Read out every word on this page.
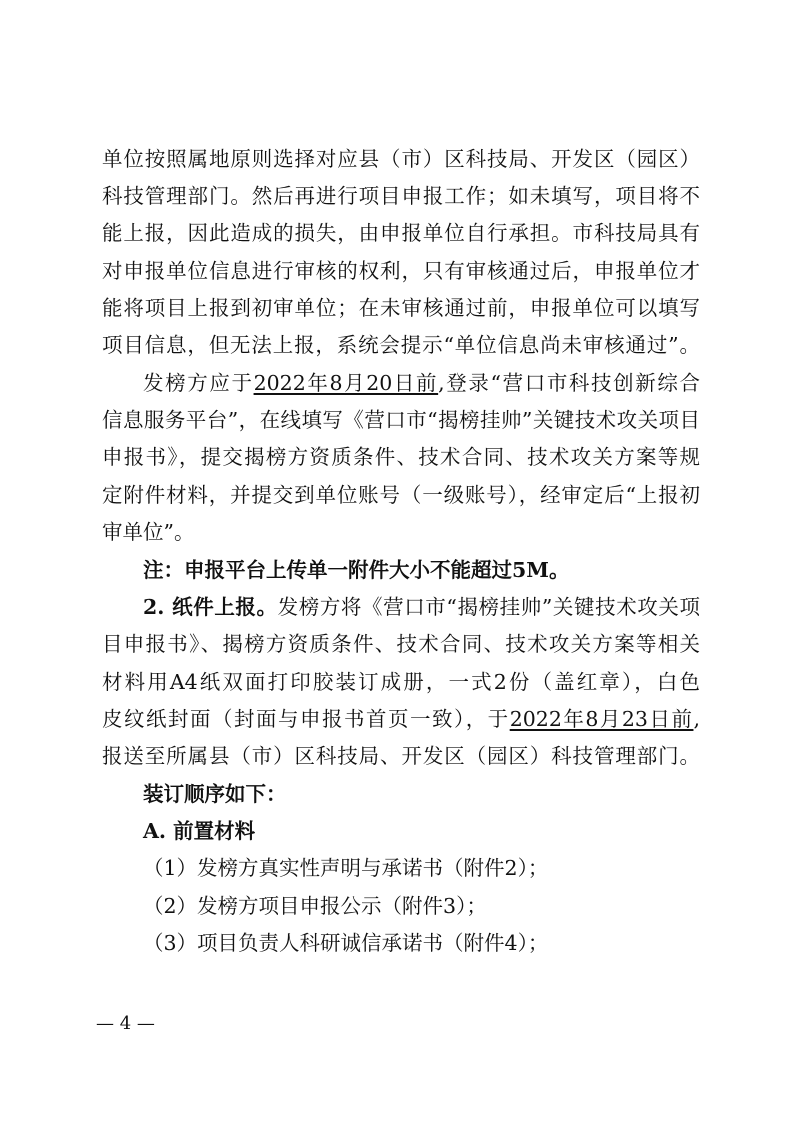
单位按照属地原则选择对应县（市）区科技局、开发区（园区）
科技管理部门。然后再进行项目申报工作；如未填写，项目将不
能上报，因此造成的损失，由申报单位自行承担。市科技局具有
对申报单位信息进行审核的权利，只有审核通过后，申报单位才
能将项目上报到初审单位；在未审核通过前，申报单位可以填写
项目信息，但无法上报，系统会提示“单位信息尚未审核通过”。
发榜方应于2022年8月20日前,登录“营口市科技创新综合
信息服务平台”，在线填写《营口市“揭榜挂帅”关键技术攻关项目
申报书》，提交揭榜方资质条件、技术合同、技术攻关方案等规
定附件材料，并提交到单位账号（一级账号），经审定后“上报初
审单位”。
注：申报平台上传单一附件大小不能超过5M。
2. 纸件上报。发榜方将《营口市“揭榜挂帅”关键技术攻关项
目申报书》、揭榜方资质条件、技术合同、技术攻关方案等相关
材料用A4纸双面打印胶装订成册，一式2份（盖红章），白色
皮纹纸封面（封面与申报书首页一致），于2022年8月23日前,
报送至所属县（市）区科技局、开发区（园区）科技管理部门。
装订顺序如下：
A. 前置材料
（1）发榜方真实性声明与承诺书（附件2）；
（2）发榜方项目申报公示（附件3）；
（3）项目负责人科研诚信承诺书（附件4）；
— 4 —
